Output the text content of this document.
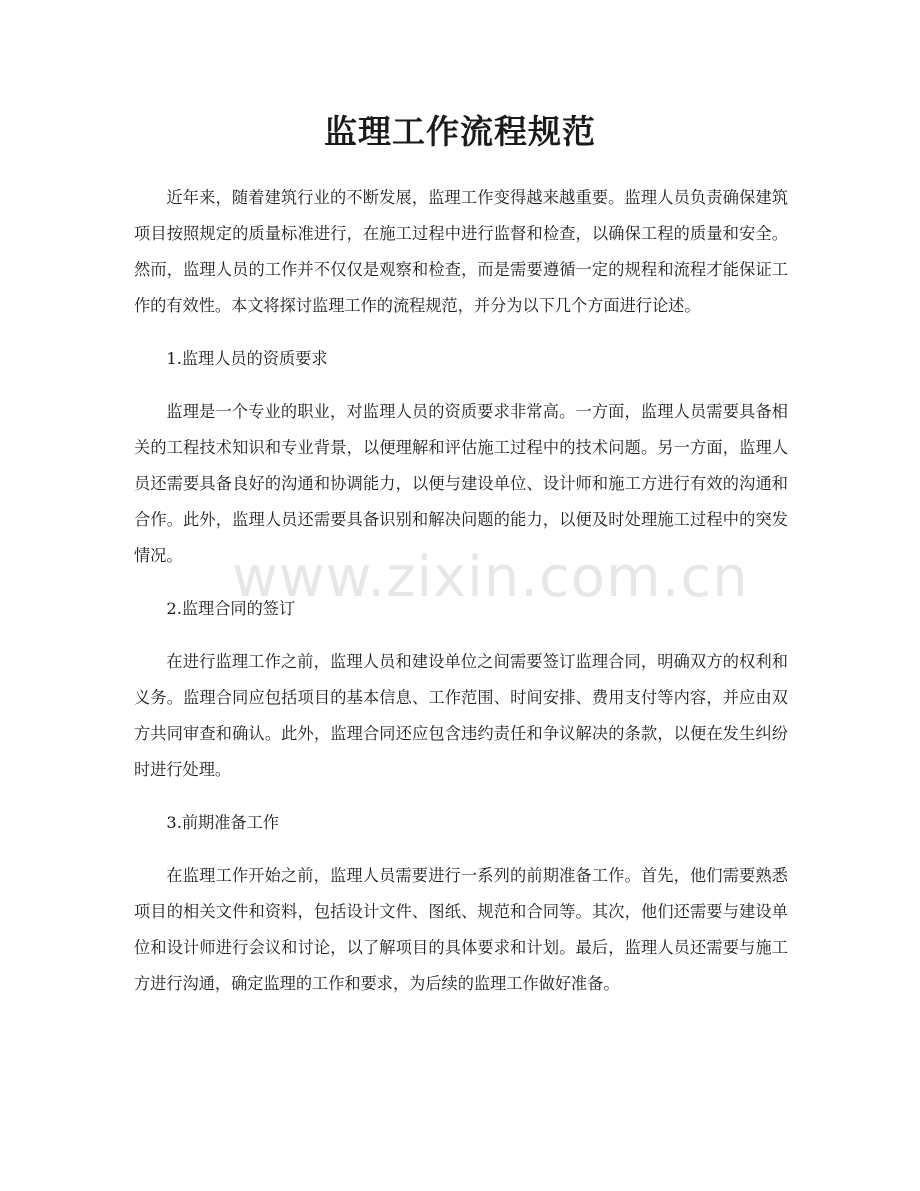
监理工作流程规范

近年来，随着建筑行业的不断发展，监理工作变得越来越重要。监理人员负责确保建筑项目按照规定的质量标准进行，在施工过程中进行监督和检查，以确保工程的质量和安全。然而，监理人员的工作并不仅仅是观察和检查，而是需要遵循一定的规程和流程才能保证工作的有效性。本文将探讨监理工作的流程规范，并分为以下几个方面进行论述。

1.监理人员的资质要求

监理是一个专业的职业，对监理人员的资质要求非常高。一方面，监理人员需要具备相关的工程技术知识和专业背景，以便理解和评估施工过程中的技术问题。另一方面，监理人员还需要具备良好的沟通和协调能力，以便与建设单位、设计师和施工方进行有效的沟通和合作。此外，监理人员还需要具备识别和解决问题的能力，以便及时处理施工过程中的突发情况。

2.监理合同的签订

在进行监理工作之前，监理人员和建设单位之间需要签订监理合同，明确双方的权利和义务。监理合同应包括项目的基本信息、工作范围、时间安排、费用支付等内容，并应由双方共同审查和确认。此外，监理合同还应包含违约责任和争议解决的条款，以便在发生纠纷时进行处理。

3.前期准备工作

在监理工作开始之前，监理人员需要进行一系列的前期准备工作。首先，他们需要熟悉项目的相关文件和资料，包括设计文件、图纸、规范和合同等。其次，他们还需要与建设单位和设计师进行会议和讨论，以了解项目的具体要求和计划。最后，监理人员还需要与施工方进行沟通，确定监理的工作和要求，为后续的监理工作做好准备。

www.zixin.com.cn
